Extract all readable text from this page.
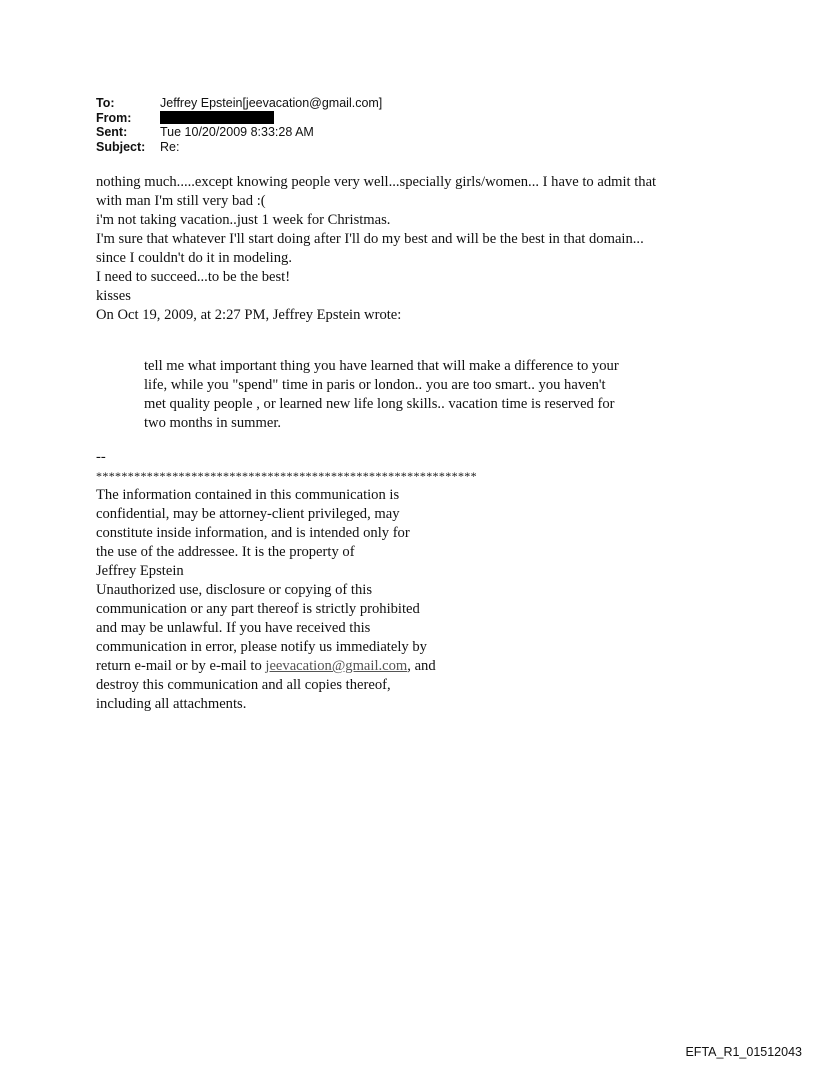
To:	Jeffrey Epstein[jeevacation@gmail.com]
From:
Sent:	Tue 10/20/2009 8:33:28 AM
Subject:	Re:
nothing much.....except knowing people very well...specially girls/women... I have to admit that
with man I'm still very bad :(
i'm not taking vacation..just 1 week for Christmas.
I'm sure that whatever I'll start doing after I'll do my best and will be the best in that domain...
since I couldn't do it in modeling.
I need to succeed...to be the best!
kisses
On Oct 19, 2009, at 2:27 PM, Jeffrey Epstein wrote:
tell me what important thing you have learned that will make a difference to your
life, while you "spend" time in paris or london.. you are too smart.. you haven't
met quality people , or learned new life long skills.. vacation time is reserved for
two months in summer.
--
************************************************************
The information contained in this communication is
confidential, may be attorney-client privileged, may
constitute inside information, and is intended only for
the use of the addressee. It is the property of
Jeffrey Epstein
Unauthorized use, disclosure or copying of this
communication or any part thereof is strictly prohibited
and may be unlawful. If you have received this
communication in error, please notify us immediately by
return e-mail or by e-mail to jeevacation@gmail.com, and
destroy this communication and all copies thereof,
including all attachments.
EFTA_R1_01512043
